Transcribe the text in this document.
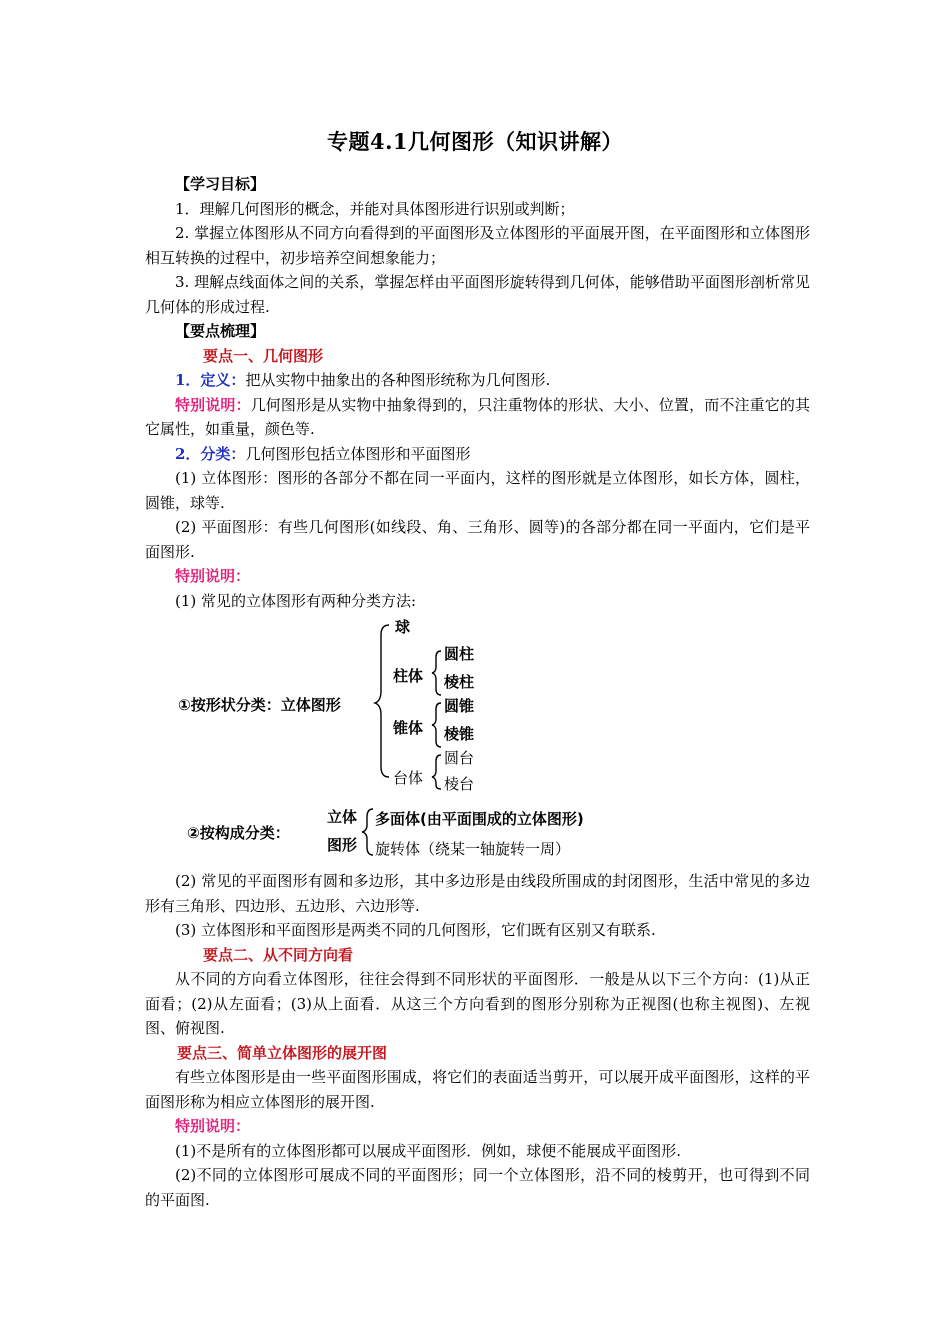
专题4.1几何图形（知识讲解）

【学习目标】

1．理解几何图形的概念，并能对具体图形进行识别或判断；

2. 掌握立体图形从不同方向看得到的平面图形及立体图形的平面展开图，在平面图形和立体图形相互转换的过程中，初步培养空间想象能力；

3. 理解点线面体之间的关系，掌握怎样由平面图形旋转得到几何体，能够借助平面图形剖析常见几何体的形成过程.

【要点梳理】

要点一、几何图形

1．定义：把从实物中抽象出的各种图形统称为几何图形.

特别说明：几何图形是从实物中抽象得到的，只注重物体的形状、大小、位置，而不注重它的其它属性，如重量，颜色等.

2．分类：几何图形包括立体图形和平面图形

(1) 立体图形：图形的各部分不都在同一平面内，这样的图形就是立体图形，如长方体，圆柱，圆锥，球等.

(2) 平面图形：有些几何图形(如线段、角、三角形、圆等)的各部分都在同一平面内，它们是平面图形.

特别说明：

(1) 常见的立体图形有两种分类方法:

①按形状分类：立体图形
球
柱体
圆柱
棱柱
锥体
圆锥
棱锥
台体
圆台
棱台
②按构成分类：
立体
图形
多面体(由平面围成的立体图形)
旋转体（绕某一轴旋转一周）

(2) 常见的平面图形有圆和多边形，其中多边形是由线段所围成的封闭图形，生活中常见的多边形有三角形、四边形、五边形、六边形等.

(3) 立体图形和平面图形是两类不同的几何图形，它们既有区别又有联系.

要点二、从不同方向看

从不同的方向看立体图形，往往会得到不同形状的平面图形．一般是从以下三个方向：(1)从正面看；(2)从左面看；(3)从上面看．从这三个方向看到的图形分别称为正视图(也称主视图)、左视图、俯视图.

要点三、简单立体图形的展开图

有些立体图形是由一些平面图形围成，将它们的表面适当剪开，可以展开成平面图形，这样的平面图形称为相应立体图形的展开图.

特别说明：

(1)不是所有的立体图形都可以展成平面图形．例如，球便不能展成平面图形.

(2)不同的立体图形可展成不同的平面图形；同一个立体图形，沿不同的棱剪开，也可得到不同的平面图.
